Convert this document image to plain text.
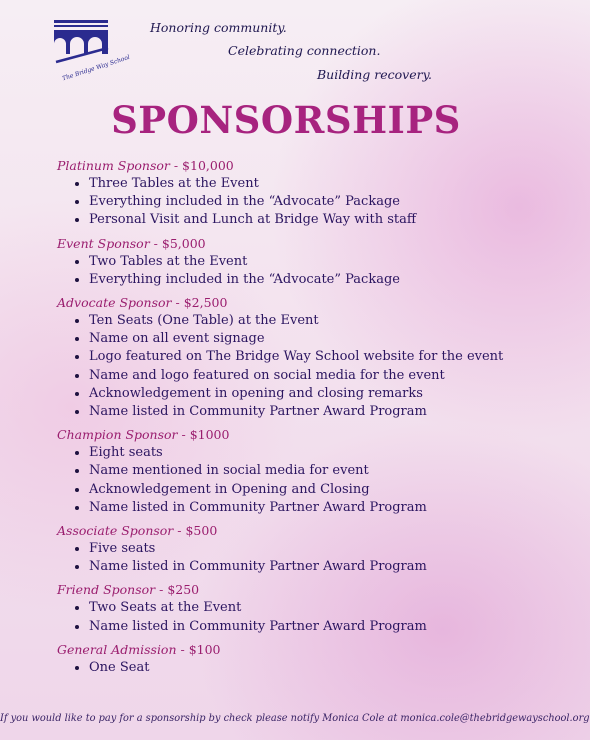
The Bridge Way School
Honoring community.
Celebrating connection.
Building recovery.
SPONSORSHIPS
Platinum Sponsor - $10,000
• Three Tables at the Event
• Everything included in the “Advocate” Package
• Personal Visit and Lunch at Bridge Way with staff
Event Sponsor - $5,000
• Two Tables at the Event
• Everything included in the “Advocate” Package
Advocate Sponsor - $2,500
• Ten Seats (One Table) at the Event
• Name on all event signage
• Logo featured on The Bridge Way School website for the event
• Name and logo featured on social media for the event
• Acknowledgement in opening and closing remarks
• Name listed in Community Partner Award Program
Champion Sponsor - $1000
• Eight seats
• Name mentioned in social media for event
• Acknowledgement in Opening and Closing
• Name listed in Community Partner Award Program
Associate Sponsor - $500
• Five seats
• Name listed in Community Partner Award Program
Friend Sponsor - $250
• Two Seats at the Event
• Name listed in Community Partner Award Program
General Admission - $100
• One Seat
If you would like to pay for a sponsorship by check please notify Monica Cole at monica.cole@thebridgewayschool.org
